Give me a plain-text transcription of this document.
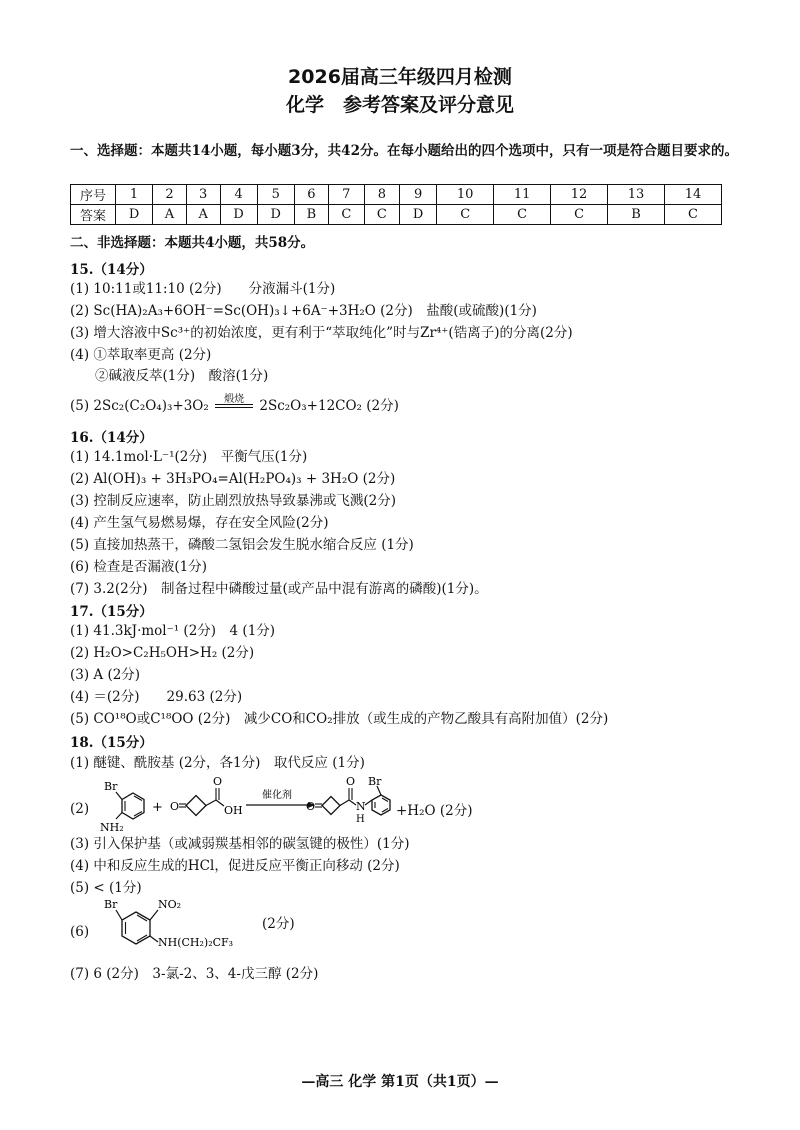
2026届高三年级四月检测
化学　参考答案及评分意见
一、选择题：本题共14小题，每小题3分，共42分。在每小题给出的四个选项中，只有一项是符合题目要求的。
序号	1	2	3	4	5	6	7	8	9	10	11	12	13	14
答案	D	A	A	D	D	B	C	C	D	C	C	C	B	C
二、非选择题：本题共4小题，共58分。
15.（14分）
(1) 10:11或11:10 (2分)　　分液漏斗(1分)
(2) Sc(HA)₂A₃+6OH⁻=Sc(OH)₃↓+6A⁻+3H₂O (2分)　盐酸(或硫酸)(1分)
(3) 增大溶液中Sc³⁺的初始浓度，更有利于“萃取纯化”时与Zr⁴⁺(锆离子)的分离(2分)
(4) ①萃取率更高 (2分)
②碱液反萃(1分)　酸溶(1分)
(5) 2Sc₂(C₂O₄)₃+3O₂	煅烧	2Sc₂O₃+12CO₂ (2分)
16.（14分）
(1) 14.1mol·L⁻¹(2分)　平衡气压(1分)
(2) Al(OH)₃ + 3H₃PO₄=Al(H₂PO₄)₃ + 3H₂O (2分)
(3) 控制反应速率，防止剧烈放热导致暴沸或飞溅(2分)
(4) 产生氢气易燃易爆，存在安全风险(2分)
(5) 直接加热蒸干，磷酸二氢铝会发生脱水缩合反应 (1分)
(6) 检查是否漏液(1分)
(7) 3.2(2分)　制备过程中磷酸过量(或产品中混有游离的磷酸)(1分)。
17.（15分）
(1) 41.3kJ·mol⁻¹ (2分)　4 (1分)
(2) H₂O>C₂H₅OH>H₂ (2分)
(3) A (2分)
(4) ＝(2分)　　29.63 (2分)
(5) CO¹⁸O或C¹⁸OO (2分)　减少CO和CO₂排放（或生成的产物乙酸具有高附加值）(2分)
18.（15分）
(1) 醚键、酰胺基 (2分，各1分)　取代反应 (1分)
(2)
Br
NH₂
+ O
O
OH
催化剂
O
O
N
H
Br
+H₂O (2分)
(3) 引入保护基（或减弱羰基相邻的碳氢键的极性）(1分)
(4) 中和反应生成的HCl，促进反应平衡正向移动 (2分)
(5) < (1分)
(6)
Br	NO₂
NH(CH₂)₂CF₃
(2分)
(7) 6 (2分)　3-氯-2、3、4-戊三醇 (2分)
—高三 化学 第1页（共1页）—
